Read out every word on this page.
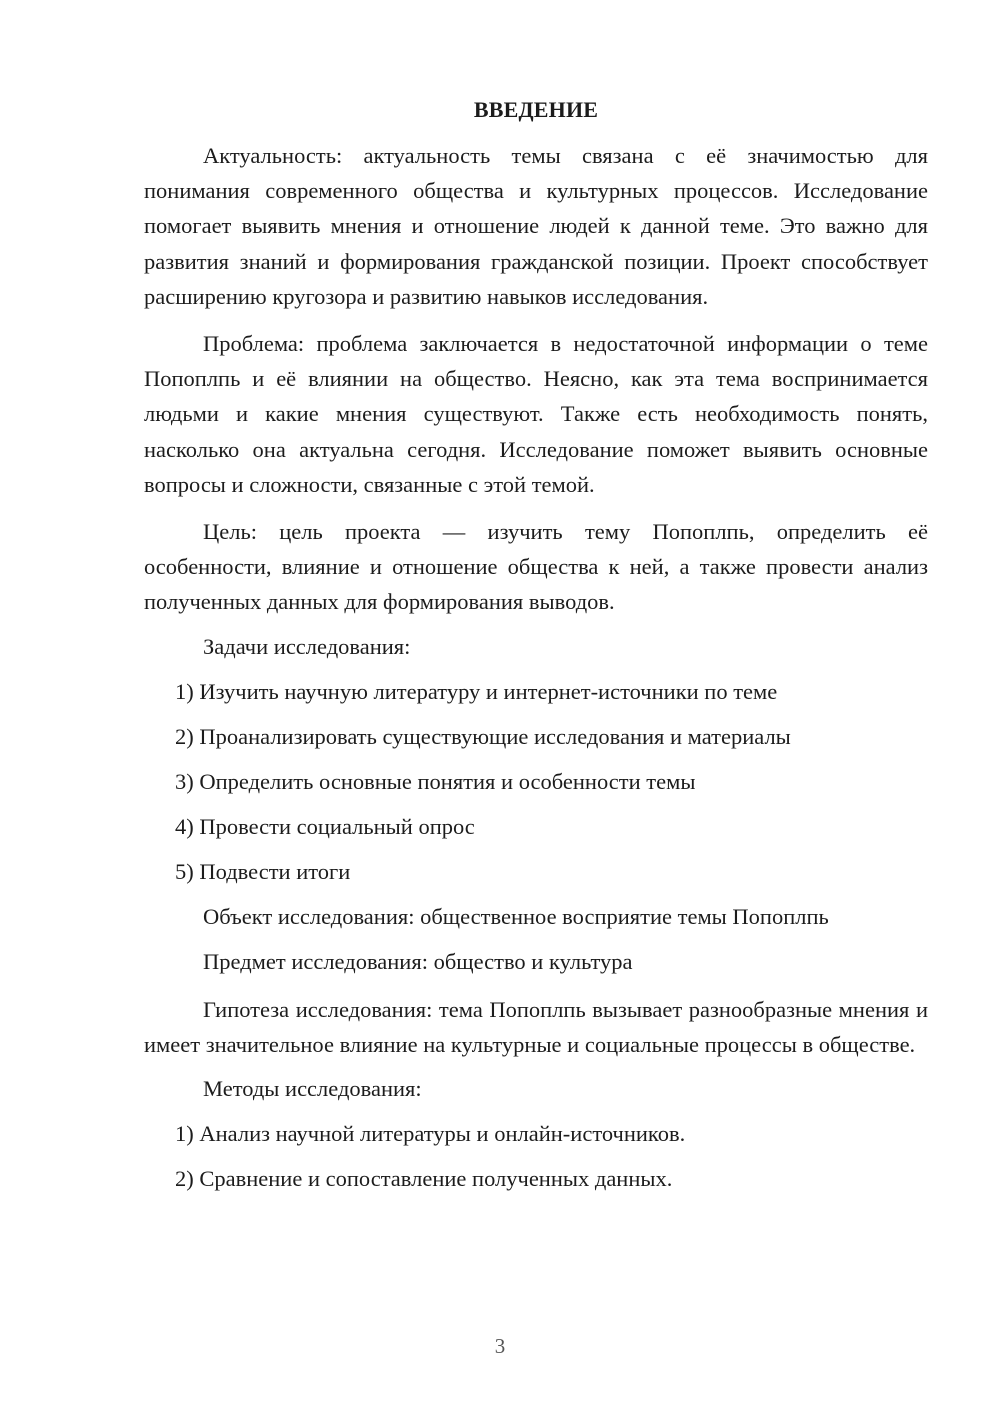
ВВЕДЕНИЕ

Актуальность: актуальность темы связана с её значимостью для понимания современного общества и культурных процессов. Исследование помогает выявить мнения и отношение людей к данной теме. Это важно для развития знаний и формирования гражданской позиции. Проект способствует расширению кругозора и развитию навыков исследования.

Проблема: проблема заключается в недостаточной информации о теме Попоплпь и её влиянии на общество. Неясно, как эта тема воспринимается людьми и какие мнения существуют. Также есть необходимость понять, насколько она актуальна сегодня. Исследование поможет выявить основные вопросы и сложности, связанные с этой темой.

Цель: цель проекта — изучить тему Попоплпь, определить её особенности, влияние и отношение общества к ней, а также провести анализ полученных данных для формирования выводов.

Задачи исследования:
1) Изучить научную литературу и интернет-источники по теме
2) Проанализировать существующие исследования и материалы
3) Определить основные понятия и особенности темы
4) Провести социальный опрос
5) Подвести итоги
Объект исследования: общественное восприятие темы Попоплпь
Предмет исследования: общество и культура

Гипотеза исследования: тема Попоплпь вызывает разнообразные мнения и имеет значительное влияние на культурные и социальные процессы в обществе.

Методы исследования:
1) Анализ научной литературы и онлайн-источников.
2) Сравнение и сопоставление полученных данных.
3
